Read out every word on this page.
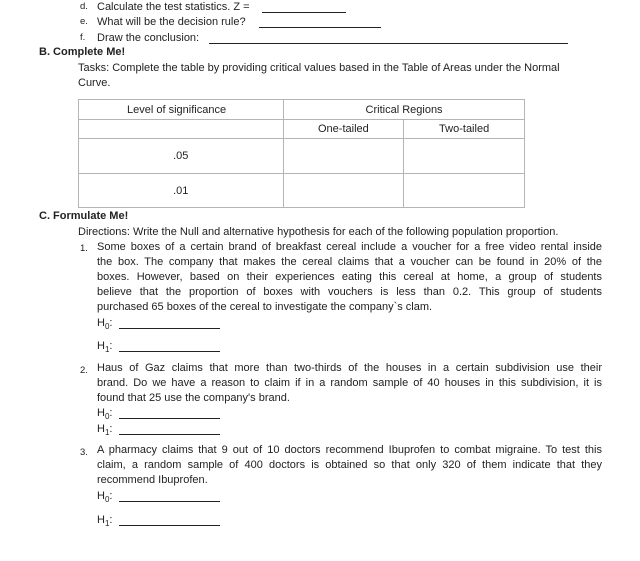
d. Calculate the test statistics. Z =
e. What will be the decision rule?
f. Draw the conclusion:
B. Complete Me!
Tasks: Complete the table by providing critical values based in the Table of Areas under the Normal
Curve.
Level of significance	Critical Regions	
	One-tailed	Two-tailed
.05		
.01		
C. Formulate Me!
Directions: Write the Null and alternative hypothesis for each of the following population proportion.
1. Some boxes of a certain brand of breakfast cereal include a voucher for a free video rental inside
the box. The company that makes the cereal claims that a voucher can be found in 20% of the
boxes. However, based on their experiences eating this cereal at home, a group of students
believe that the proportion of boxes with vouchers is less than 0.2. This group of students
purchased 65 boxes of the cereal to investigate the company`s clam.
$H_0$:
$H_1$:
2. Haus of Gaz claims that more than two-thirds of the houses in a certain subdivision use their
brand. Do we have a reason to claim if in a random sample of 40 houses in this subdivision, it is
found that 25 use the company's brand.
$H_0$:
$H_1$:
3. A pharmacy claims that 9 out of 10 doctors recommend Ibuprofen to combat migraine. To test this
claim, a random sample of 400 doctors is obtained so that only 320 of them indicate that they
recommend Ibuprofen.
$H_0$:
$H_1$:
